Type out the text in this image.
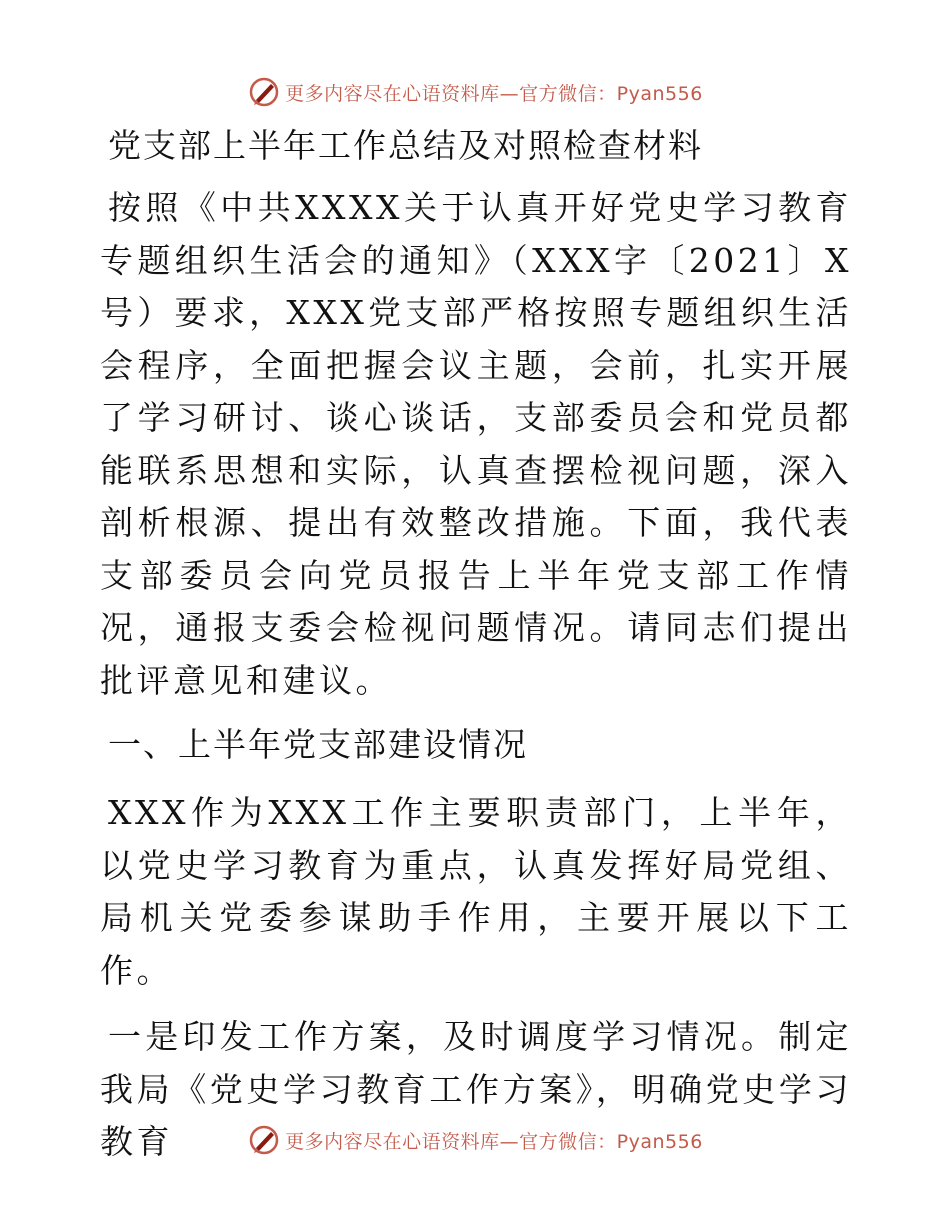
更多内容尽在心语资料库—官方微信：Pyan556
党支部上半年工作总结及对照检查材料

按照《中共XXXX关于认真开好党史学习教育专题组织生活会的通知》（XXX字〔2021〕X号）要求，XXX党支部严格按照专题组织生活会程序，全面把握会议主题，会前，扎实开展了学习研讨、谈心谈话，支部委员会和党员都能联系思想和实际，认真查摆检视问题，深入剖析根源、提出有效整改措施。下面，我代表支部委员会向党员报告上半年党支部工作情况，通报支委会检视问题情况。请同志们提出批评意见和建议。

一、上半年党支部建设情况

XXX作为XXX工作主要职责部门，上半年，以党史学习教育为重点，认真发挥好局党组、局机关党委参谋助手作用，主要开展以下工作。

一是印发工作方案，及时调度学习情况。制定我局《党史学习教育工作方案》，明确党史学习教育	更多内容尽在心语资料库—官方微信：Pyan556
